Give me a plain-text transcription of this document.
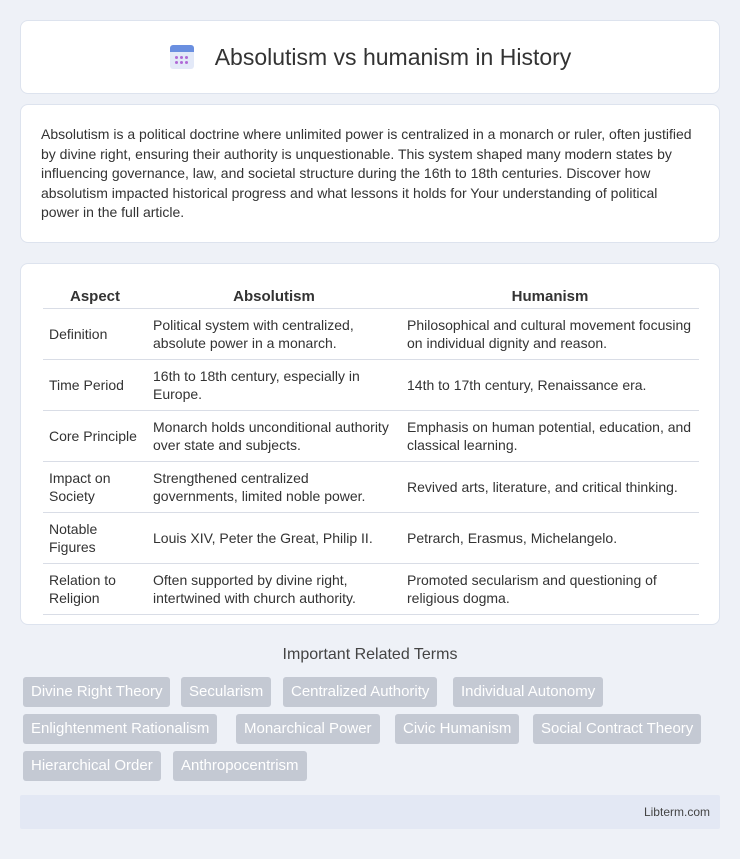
Absolutism vs humanism in History

Absolutism is a political doctrine where unlimited power is centralized in a monarch or ruler, often justified by divine right, ensuring their authority is unquestionable. This system shaped many modern states by influencing governance, law, and societal structure during the 16th to 18th centuries. Discover how absolutism impacted historical progress and what lessons it holds for Your understanding of political power in the full article.

Aspect	Absolutism	Humanism
Definition	Political system with centralized, absolute power in a monarch.	Philosophical and cultural movement focusing on individual dignity and reason.
Time Period	16th to 18th century, especially in Europe.	14th to 17th century, Renaissance era.
Core Principle	Monarch holds unconditional authority over state and subjects.	Emphasis on human potential, education, and classical learning.
Impact on Society	Strengthened centralized governments, limited noble power.	Revived arts, literature, and critical thinking.
Notable Figures	Louis XIV, Peter the Great, Philip II.	Petrarch, Erasmus, Michelangelo.
Relation to Religion	Often supported by divine right, intertwined with church authority.	Promoted secularism and questioning of religious dogma.
Important Related Terms
Divine Right Theory	Secularism	Centralized Authority	Individual Autonomy
Enlightenment Rationalism	Monarchical Power	Civic Humanism	Social Contract Theory
Hierarchical Order	Anthropocentrism
Libterm.com
